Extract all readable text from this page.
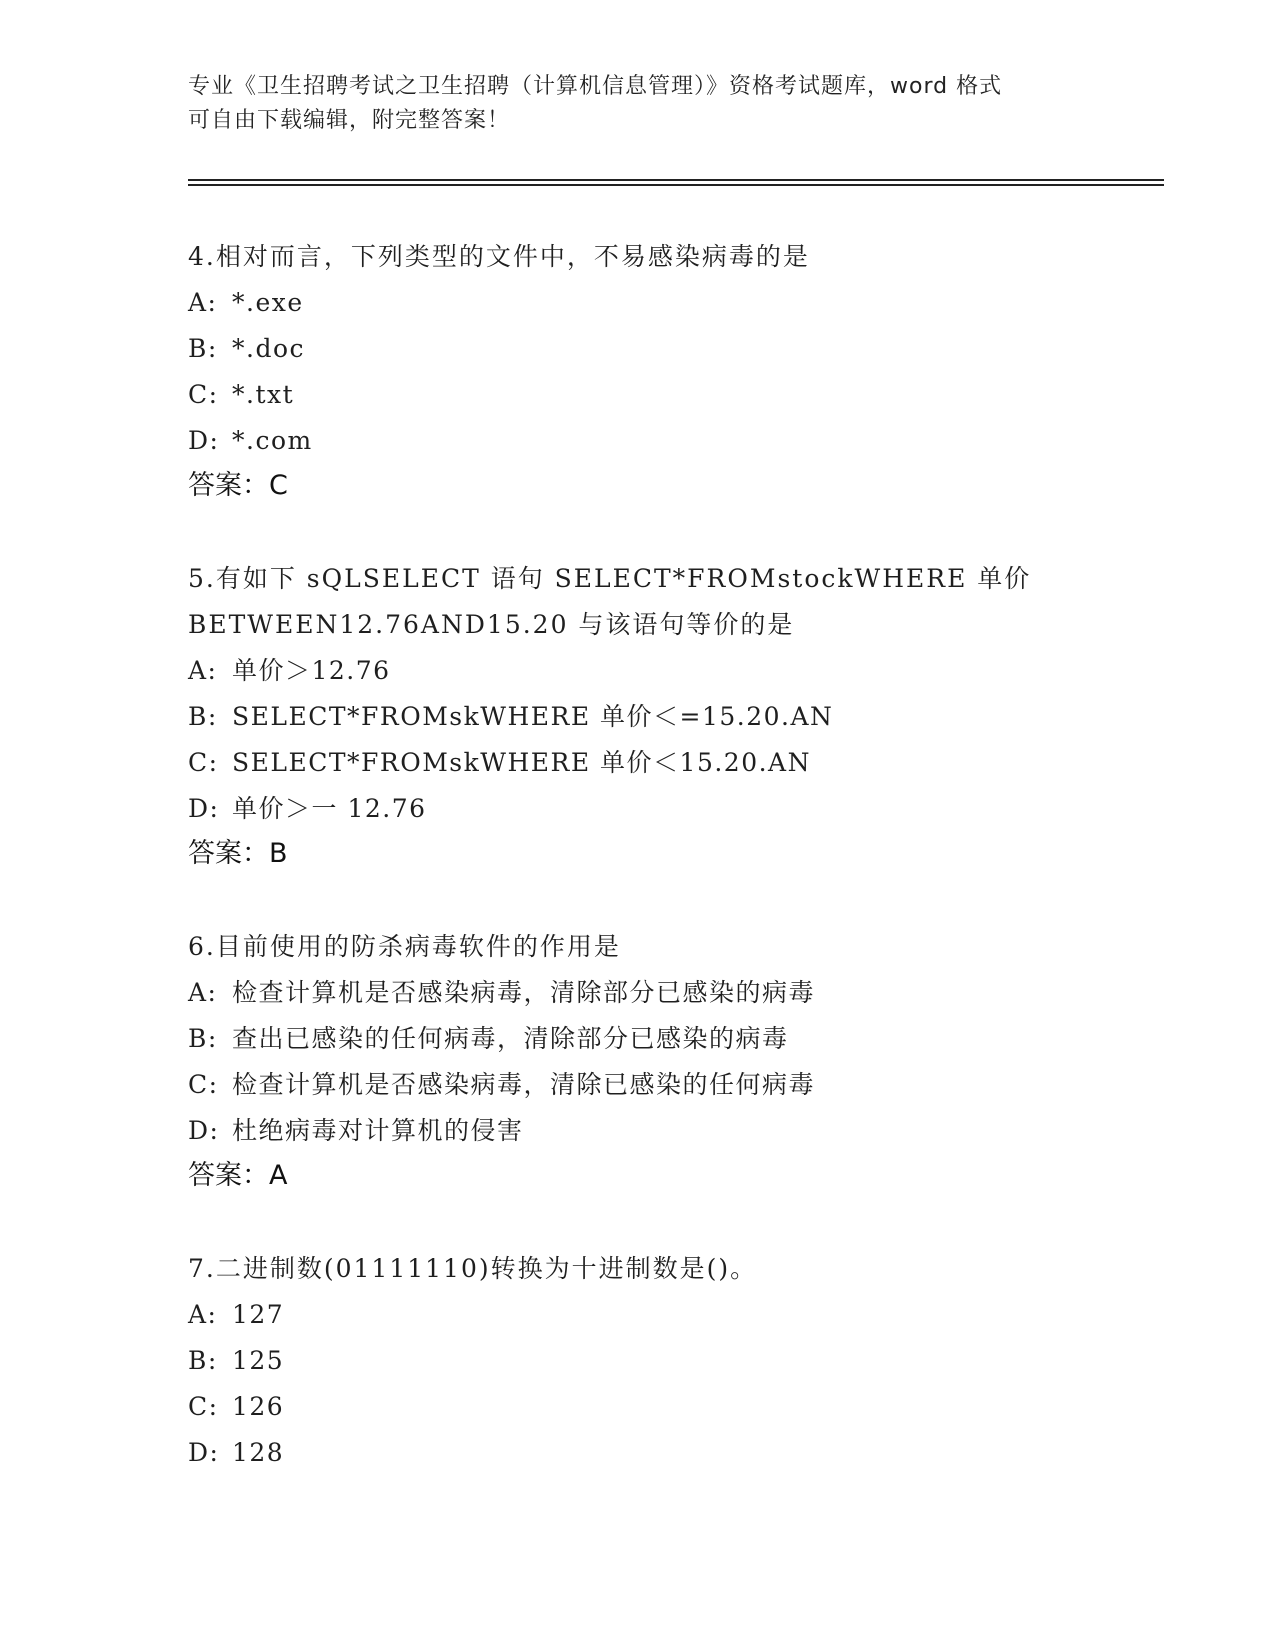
专业《卫生招聘考试之卫生招聘（计算机信息管理）》资格考试题库，word 格式
可自由下载编辑，附完整答案！
4.相对而言，下列类型的文件中，不易感染病毒的是
A: *.exe
B: *.doc
C: *.txt
D: *.com
答案：C
5.有如下 sQLSELECT 语句 SELECT*FROMstockWHERE 单价
BETWEEN12.76AND15.20 与该语句等价的是
A: 单价＞12.76
B: SELECT*FROMskWHERE 单价＜=15.20.AN
C: SELECT*FROMskWHERE 单价＜15.20.AN
D: 单价＞一 12.76
答案：B
6.目前使用的防杀病毒软件的作用是
A: 检查计算机是否感染病毒，清除部分已感染的病毒
B: 查出已感染的任何病毒，清除部分已感染的病毒
C: 检查计算机是否感染病毒，清除已感染的任何病毒
D: 杜绝病毒对计算机的侵害
答案：A
7.二进制数(01111110)转换为十进制数是()。
A: 127
B: 125
C: 126
D: 128
